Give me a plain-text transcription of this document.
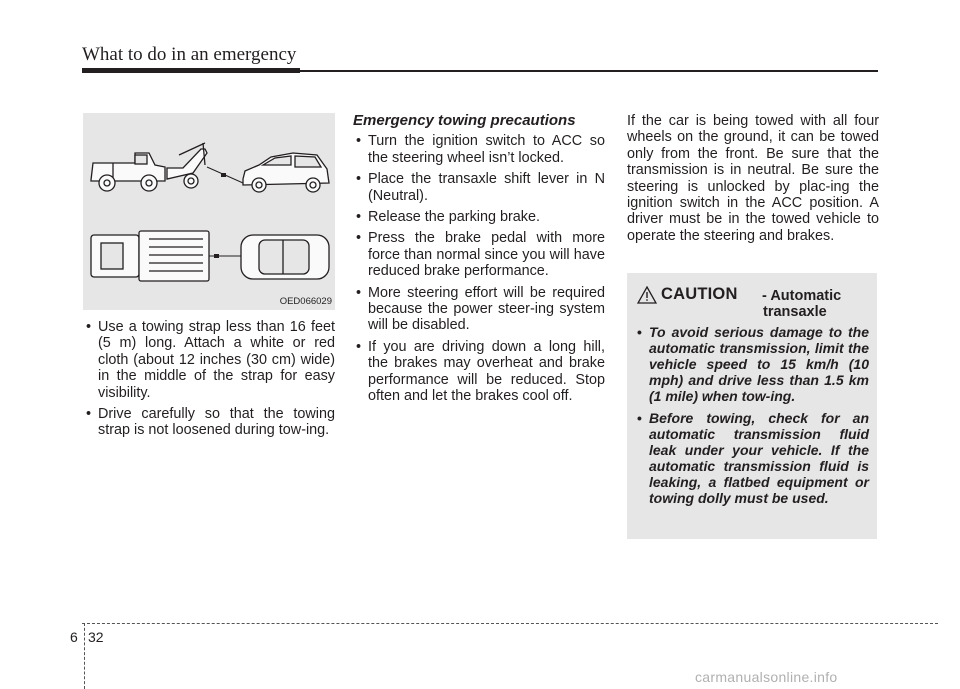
What to do in an emergency
OED066029
• Use a towing strap less than 16 feet (5 m) long. Attach a white or red cloth (about 12 inches (30 cm) wide) in the middle of the strap for easy visibility.
• Drive carefully so that the towing strap is not loosened during tow-ing.
Emergency towing precautions
• Turn the ignition switch to ACC so the steering wheel isn’t locked.
• Place the transaxle shift lever in N (Neutral).
• Release the parking brake.
• Press the brake pedal with more force than normal since you will have reduced brake performance.
• More steering effort will be required because the power steer-ing system will be disabled.
• If you are driving down a long hill, the brakes may overheat and brake performance will be reduced. Stop often and let the brakes cool off.

If the car is being towed with all four wheels on the ground, it can be towed only from the front. Be sure that the transmission is in neutral. Be sure the steering is unlocked by plac-ing the ignition switch in the ACC position. A driver must be in the towed vehicle to operate the steering and brakes.

CAUTION - Automatic
transaxle
• To avoid serious damage to the automatic transmission, limit the vehicle speed to 15 km/h (10 mph) and drive less than 1.5 km (1 mile) when tow-ing.
• Before towing, check for an automatic transmission fluid leak under your vehicle. If the automatic transmission fluid is leaking, a flatbed equipment or towing dolly must be used.
6 32
carmanualsonline.info
